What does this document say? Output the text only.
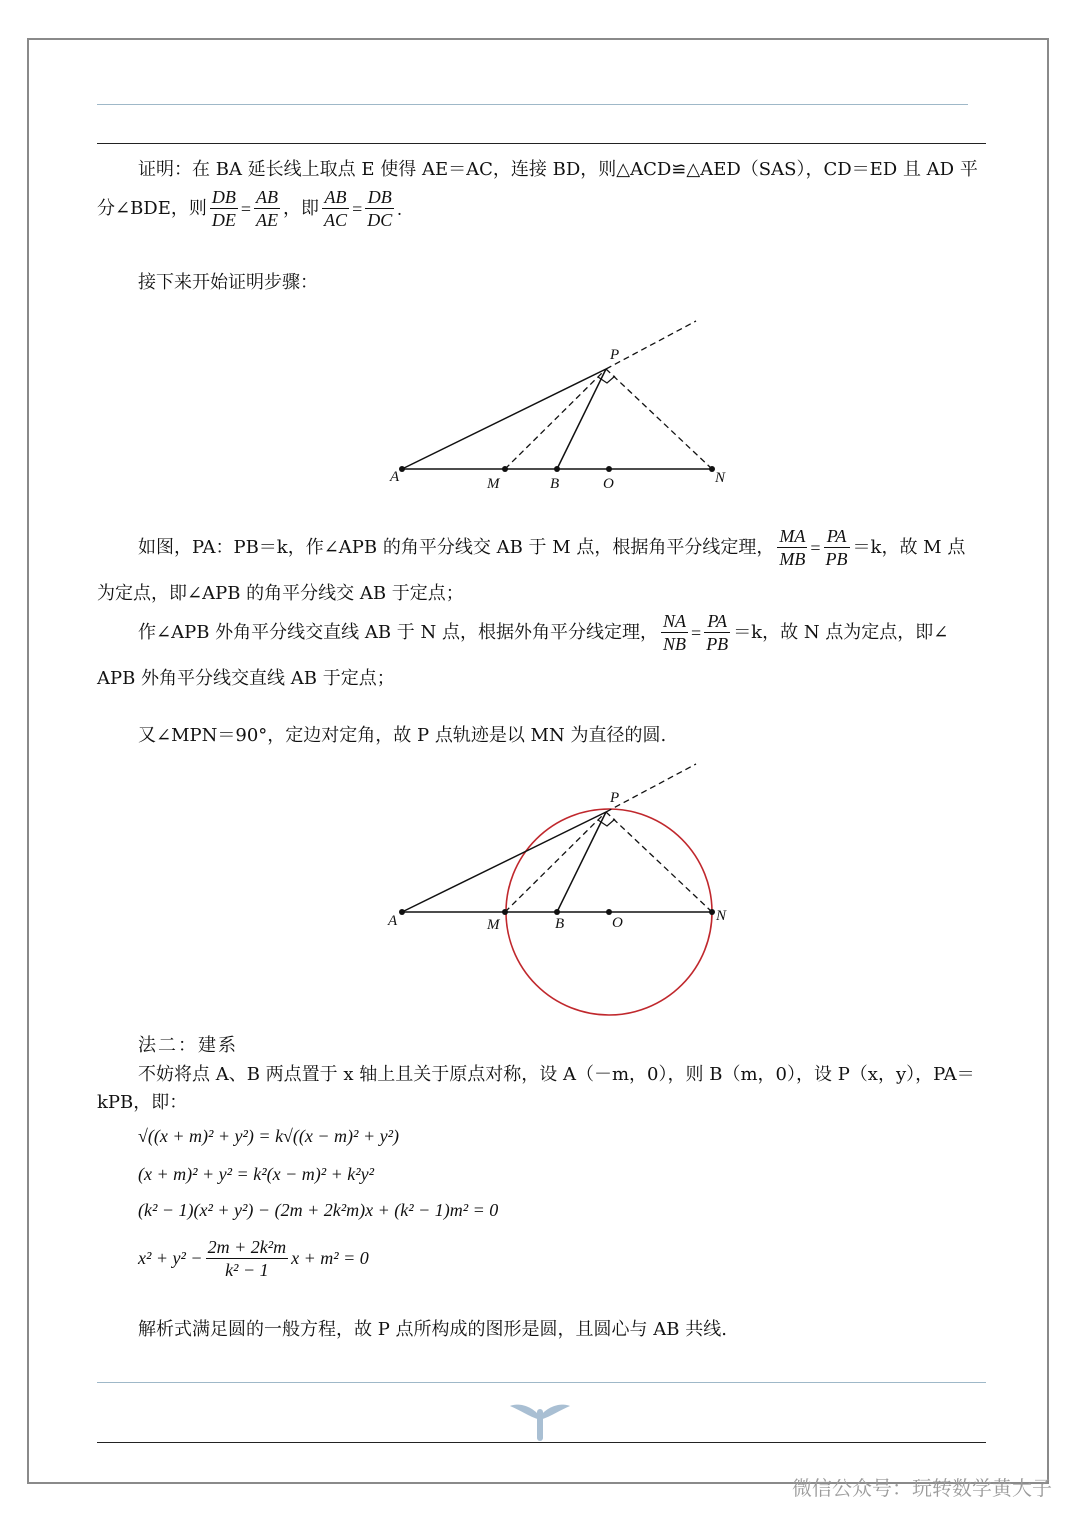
证明：在 BA 延长线上取点 E 使得 AE＝AC，连接 BD，则△ACD≌△AED（SAS），CD＝ED 且 AD 平
分∠BDE，则 $\frac{DB}{DE} = \frac{AB}{AE}$ ，即 $\frac{AB}{AC} = \frac{DB}{DC}$ .
接下来开始证明步骤：
P
A	M	B	O	N
如图，PA：PB＝k，作∠APB 的角平分线交 AB 于 M 点，根据角平分线定理， $\frac{MA}{MB} = \frac{PA}{PB} =k$，故 M 点
为定点，即∠APB 的角平分线交 AB 于定点；
作∠APB 外角平分线交直线 AB 于 N 点，根据外角平分线定理， $\frac{NA}{NB} = \frac{PA}{PB} =k$，故 N 点为定点，即∠
APB 外角平分线交直线 AB 于定点；
又∠MPN＝90°，定边对定角，故 P 点轨迹是以 MN 为直径的圆.
P
A	M	B	O	N
法二：建系
不妨将点 A、B 两点置于 x 轴上且关于原点对称，设 A（－m，0），则 B（m，0），设 P（x，y），PA＝
kPB，即：
√((x + m)² + y²) = k√((x − m)² + y²)
(x + m)² + y² = k²(x − m)² + k²y²
(k² − 1)(x² + y²) − (2m + 2k²m)x + (k² − 1)m² = 0
$x^2 + y^2 - \frac{\text{2m + 2k²m}}{\text{k² − 1}}$ x + m² = 0
解析式满足圆的一般方程，故 P 点所构成的图形是圆，且圆心与 AB 共线.
微信公众号：玩转数学黄大子
